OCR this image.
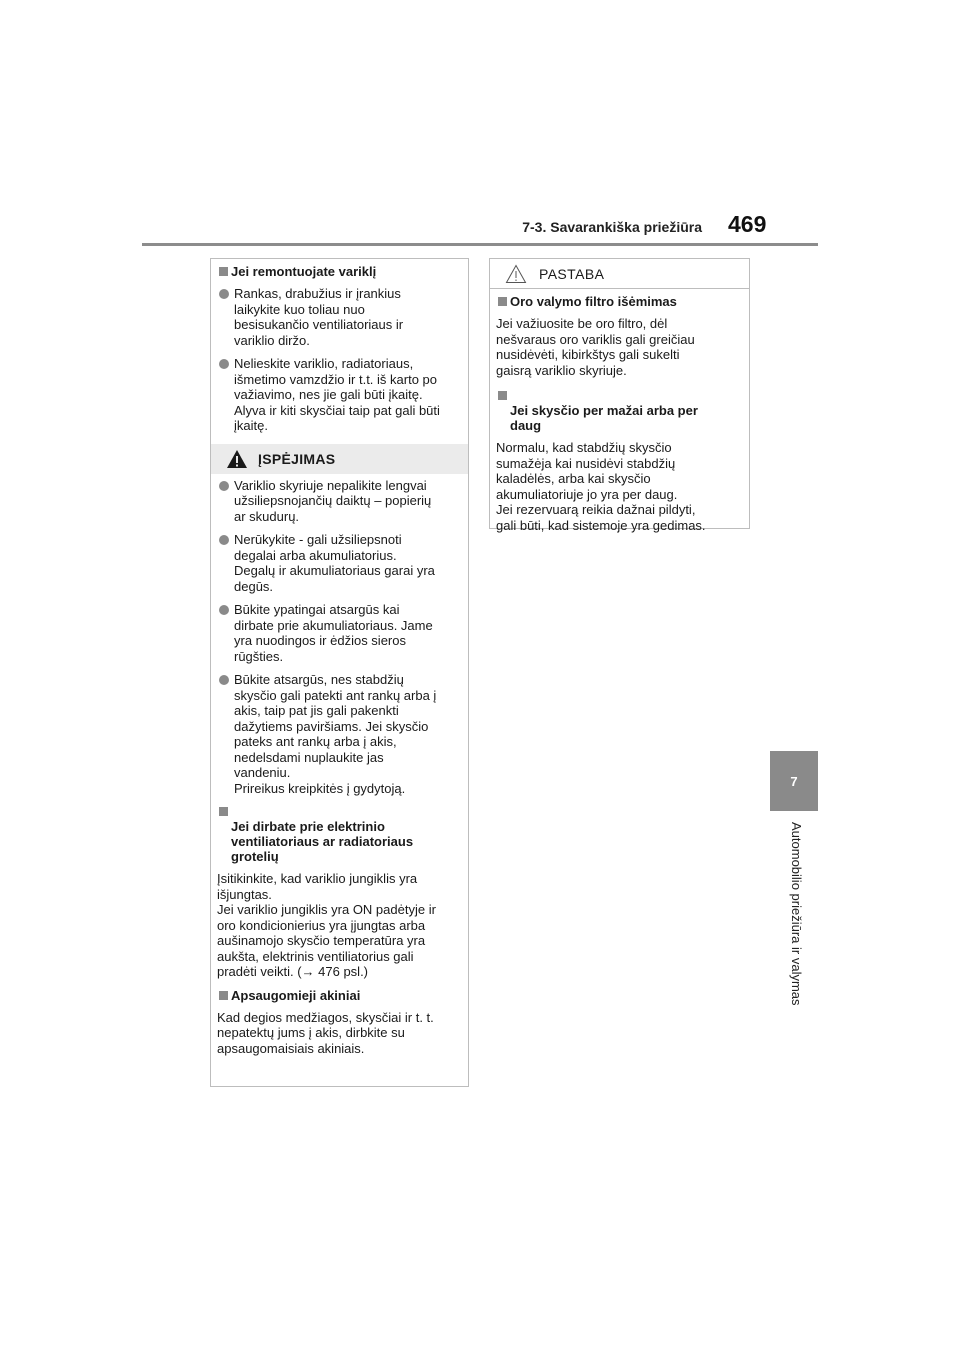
7-3. Savarankiška priežiūra 469
7
Automobilio priežiūra ir valymas
Jei remontuojate variklį
Rankas, drabužius ir įrankius
laikykite kuo toliau nuo
besisukančio ventiliatoriaus ir
variklio diržo.
Nelieskite variklio, radiatoriaus,
išmetimo vamzdžio ir t.t. iš karto po
važiavimo, nes jie gali būti įkaitę.
Alyva ir kiti skysčiai taip pat gali būti
įkaitę.
ĮSPĖJIMAS
Variklio skyriuje nepalikite lengvai
užsiliepsnojančių daiktų – popierių
ar skudurų.
Nerūkykite - gali užsiliepsnoti
degalai arba akumuliatorius.
Degalų ir akumuliatoriaus garai yra
degūs.
Būkite ypatingai atsargūs kai
dirbate prie akumuliatoriaus. Jame
yra nuodingos ir ėdžios sieros
rūgšties.
Būkite atsargūs, nes stabdžių
skysčio gali patekti ant rankų arba į
akis, taip pat jis gali pakenkti
dažytiems paviršiams. Jei skysčio
pateks ant rankų arba į akis,
nedelsdami nuplaukite jas
vandeniu.
Prireikus kreipkitės į gydytoją.

Jei dirbate prie elektrinio
ventiliatoriaus ar radiatoriaus
grotelių

Įsitikinkite, kad variklio jungiklis yra
išjungtas.
Jei variklio jungiklis yra ON padėtyje ir
oro kondicionierius yra įjungtas arba
aušinamojo skysčio temperatūra yra
aukšta, elektrinis ventiliatorius gali
pradėti veikti. (→ 476 psl.)
Apsaugomieji akiniai
Kad degios medžiagos, skysčiai ir t. t.
nepatektų jums į akis, dirbkite su
apsaugomaisiais akiniais.
PASTABA
Oro valymo filtro išėmimas
Jei važiuosite be oro filtro, dėl
nešvaraus oro variklis gali greičiau
nusidėvėti, kibirkštys gali sukelti
gaisrą variklio skyriuje.

Jei skysčio per mažai arba per
daug

Normalu, kad stabdžių skysčio
sumažėja kai nusidėvi stabdžių
kaladėlės, arba kai skysčio
akumuliatoriuje jo yra per daug.
Jei rezervuarą reikia dažnai pildyti,
gali būti, kad sistemoje yra gedimas.
